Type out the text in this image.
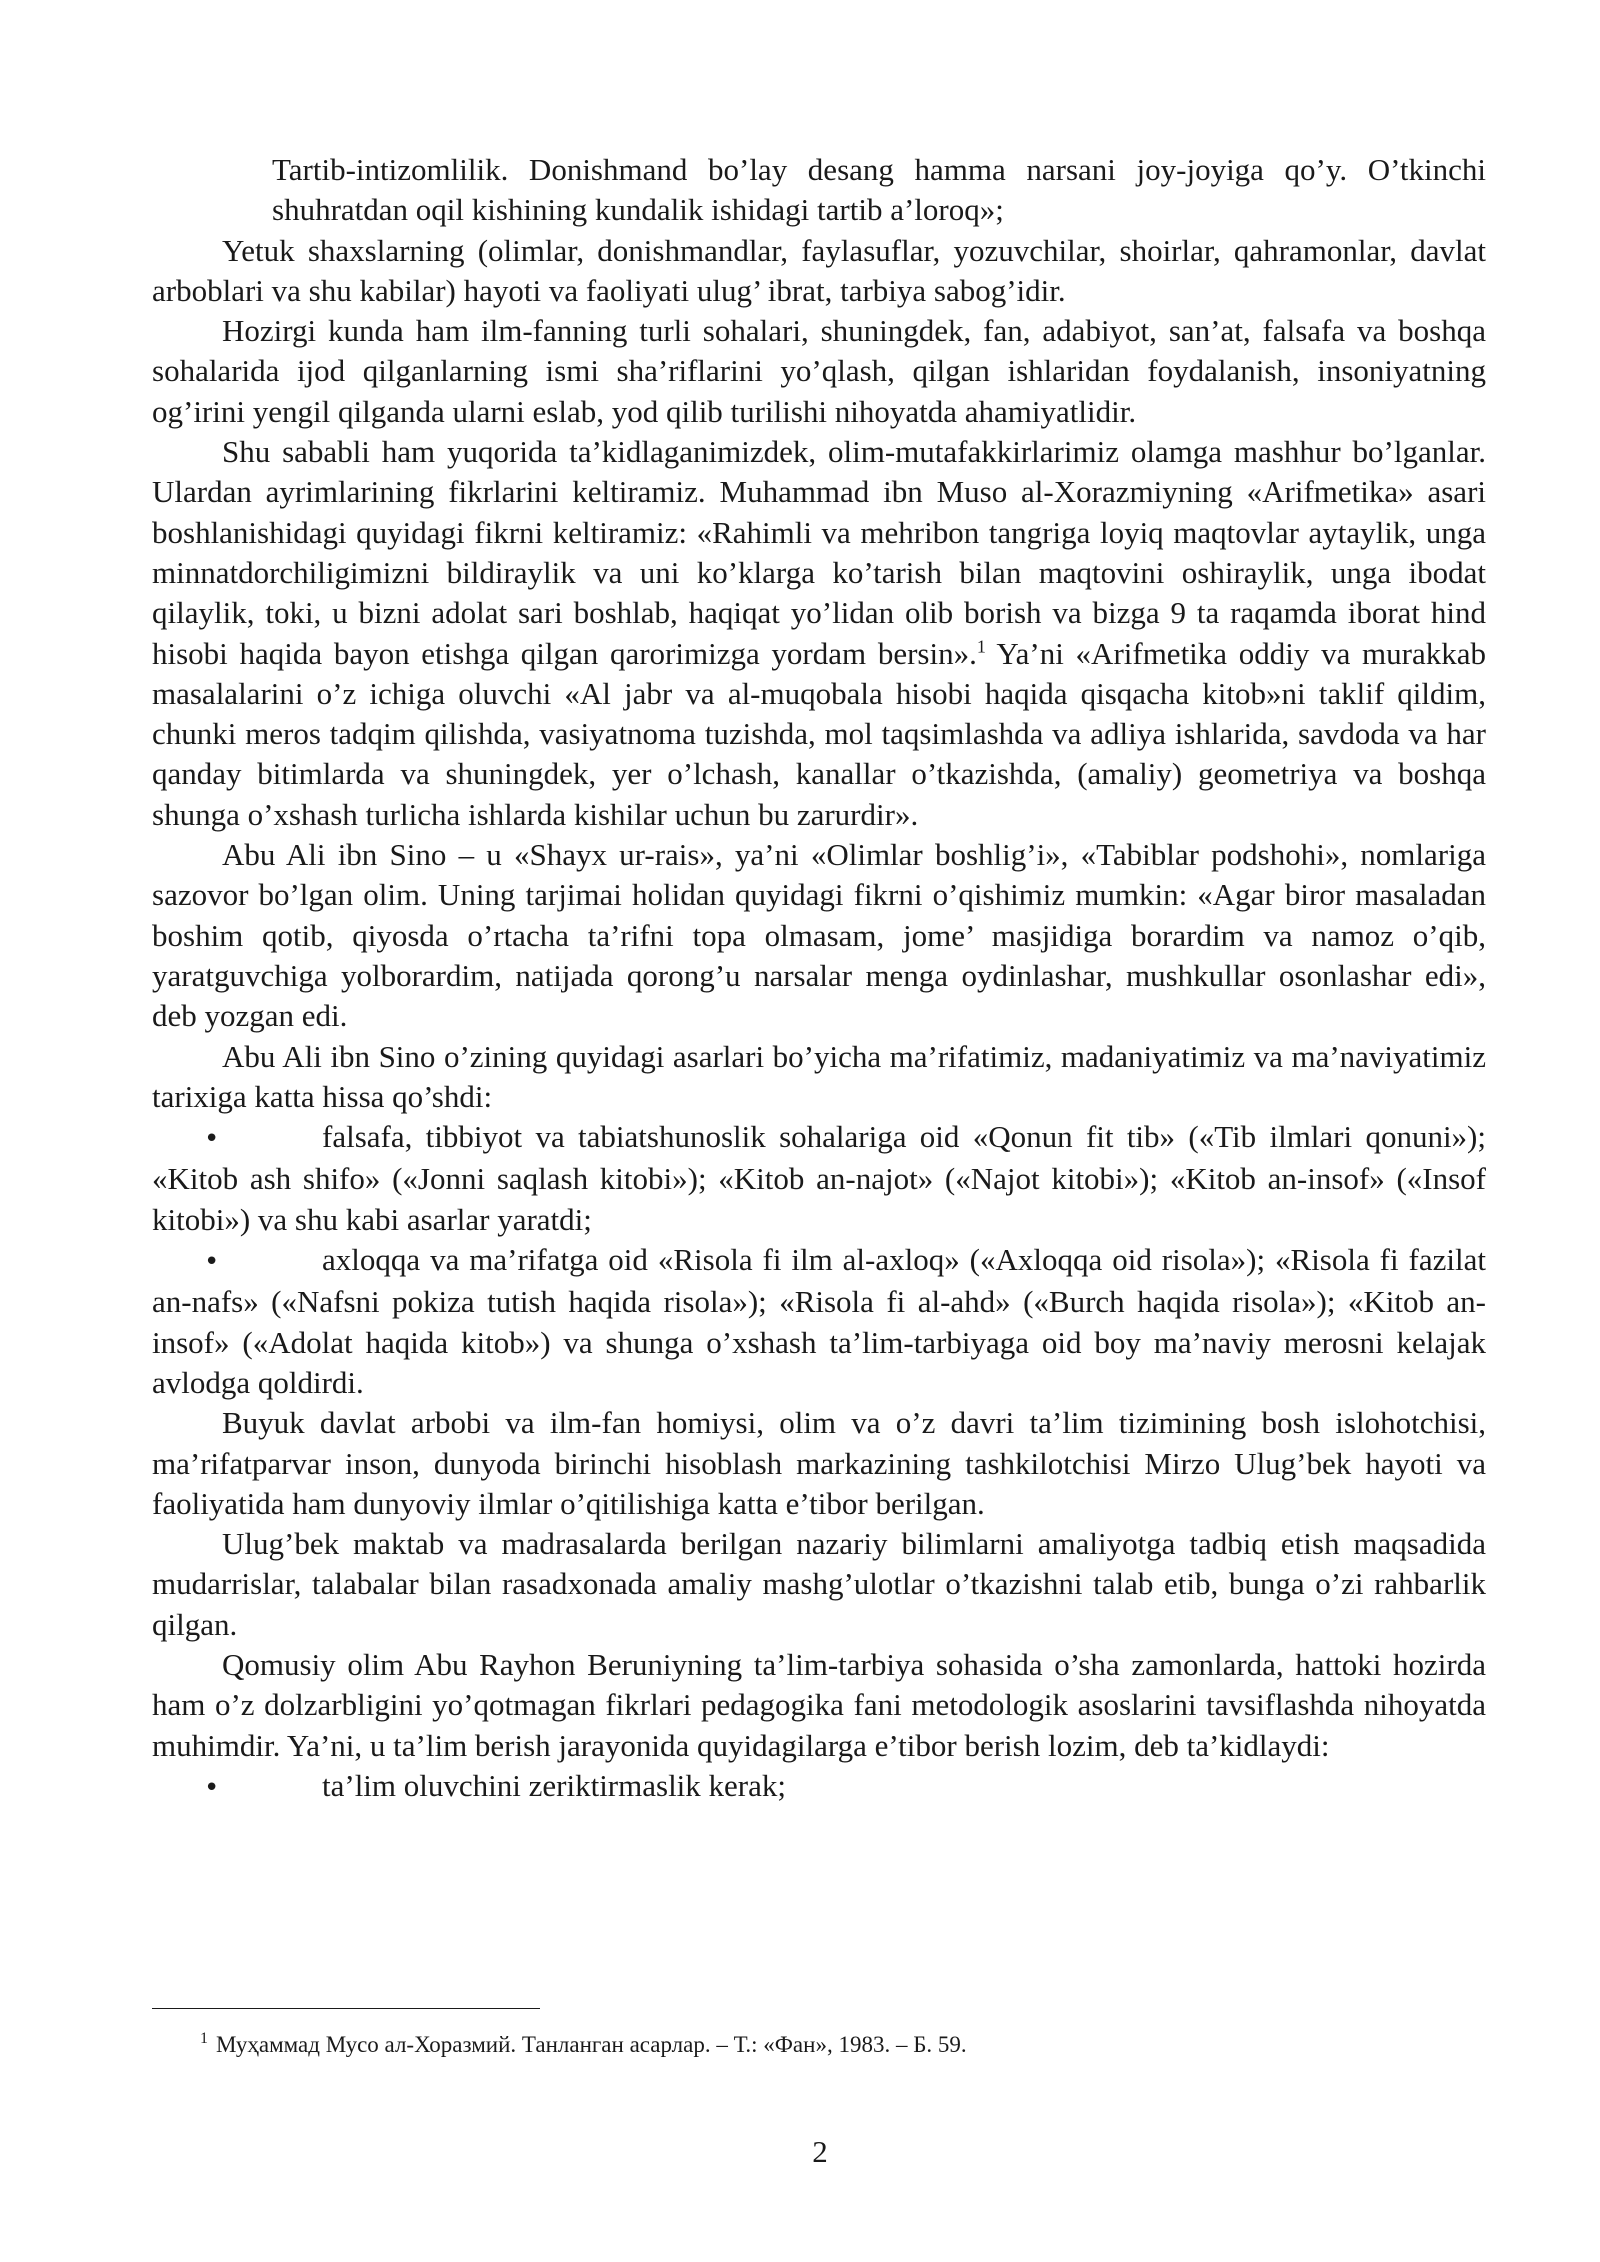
Tartib-intizomlilik. Donishmand bo’lay desang hamma narsani joy-joyiga qo’y. O’tkinchi shuhratdan oqil kishining kundalik ishidagi tartib a’loroq»;

Yetuk shaxslarning (olimlar, donishmandlar, faylasuflar, yozuvchilar, shoirlar, qahramonlar, davlat arboblari va shu kabilar) hayoti va faoliyati ulug’ ibrat, tarbiya sabog’idir.

Hozirgi kunda ham ilm-fanning turli sohalari, shuningdek, fan, adabiyot, san’at, falsafa va boshqa sohalarida ijod qilganlarning ismi sha’riflarini yo’qlash, qilgan ishlaridan foydalanish, insoniyatning og’irini yengil qilganda ularni eslab, yod qilib turilishi nihoyatda ahamiyatlidir.

Shu sababli ham yuqorida ta’kidlaganimizdek, olim-mutafakkirlarimiz olamga mashhur bo’lganlar. Ulardan ayrimlarining fikrlarini keltiramiz. Muhammad ibn Muso al-Xorazmiyning «Arifmetika» asari boshlanishidagi quyidagi fikrni keltiramiz: «Rahimli va mehribon tangriga loyiq maqtovlar aytaylik, unga minnatdorchiligimizni bildiraylik va uni ko’klarga ko’tarish bilan maqtovini oshiraylik, unga ibodat qilaylik, toki, u bizni adolat sari boshlab, haqiqat yo’lidan olib borish va bizga 9 ta raqamda iborat hind hisobi haqida bayon etishga qilgan qarorimizga yordam bersin».$^1$ Ya’ni «Arifmetika oddiy va murakkab masalalarini o’z ichiga oluvchi «Al jabr va al-muqobala hisobi haqida qisqacha kitob»ni taklif qildim, chunki meros tadqim qilishda, vasiyatnoma tuzishda, mol taqsimlashda va adliya ishlarida, savdoda va har qanday bitimlarda va shuningdek, yer o’lchash, kanallar o’tkazishda, (amaliy) geometriya va boshqa shunga o’xshash turlicha ishlarda kishilar uchun bu zarurdir».

Abu Ali ibn Sino – u «Shayx ur-rais», ya’ni «Olimlar boshlig’i», «Tabiblar podshohi», nomlariga sazovor bo’lgan olim. Uning tarjimai holidan quyidagi fikrni o’qishimiz mumkin: «Agar biror masaladan boshim qotib, qiyosda o’rtacha ta’rifni topa olmasam, jome’ masjidiga borardim va namoz o’qib, yaratguvchiga yolborardim, natijada qorong’u narsalar menga oydinlashar, mushkullar osonlashar edi», deb yozgan edi.

Abu Ali ibn Sino o’zining quyidagi asarlari bo’yicha ma’rifatimiz, madaniyatimiz va ma’naviyatimiz tarixiga katta hissa qo’shdi:

•	falsafa, tibbiyot va tabiatshunoslik sohalariga oid «Qonun fit tib» («Tib ilmlari qonuni»); «Kitob ash shifo» («Jonni saqlash kitobi»); «Kitob an-najot» («Najot kitobi»); «Kitob an-insof» («Insof kitobi») va shu kabi asarlar yaratdi;

•	axloqqa va ma’rifatga oid «Risola fi ilm al-axloq» («Axloqqa oid risola»); «Risola fi fazilat an-nafs» («Nafsni pokiza tutish haqida risola»); «Risola fi al-ahd» («Burch haqida risola»); «Kitob an-insof» («Adolat haqida kitob») va shunga o’xshash ta’lim-tarbiyaga oid boy ma’naviy merosni kelajak avlodga qoldirdi.

Buyuk davlat arbobi va ilm-fan homiysi, olim va o’z davri ta’lim tizimining bosh islohotchisi, ma’rifatparvar inson, dunyoda birinchi hisoblash markazining tashkilotchisi Mirzo Ulug’bek hayoti va faoliyatida ham dunyoviy ilmlar o’qitilishiga katta e’tibor berilgan.

Ulug’bek maktab va madrasalarda berilgan nazariy bilimlarni amaliyotga tadbiq etish maqsadida mudarrislar, talabalar bilan rasadxonada amaliy mashg’ulotlar o’tkazishni talab etib, bunga o’zi rahbarlik qilgan.

Qomusiy olim Abu Rayhon Beruniyning ta’lim-tarbiya sohasida o’sha zamonlarda, hattoki hozirda ham o’z dolzarbligini yo’qotmagan fikrlari pedagogika fani metodologik asoslarini tavsiflashda nihoyatda muhimdir. Ya’ni, u ta’lim berish jarayonida quyidagilarga e’tibor berish lozim, deb ta’kidlaydi:

•	ta’lim oluvchini zeriktirmaslik kerak;

$^1$ Муҳаммад Мусо ал-Хоразмий. Танланган асарлар. – Т.: «Фан», 1983. – Б. 59.
2
